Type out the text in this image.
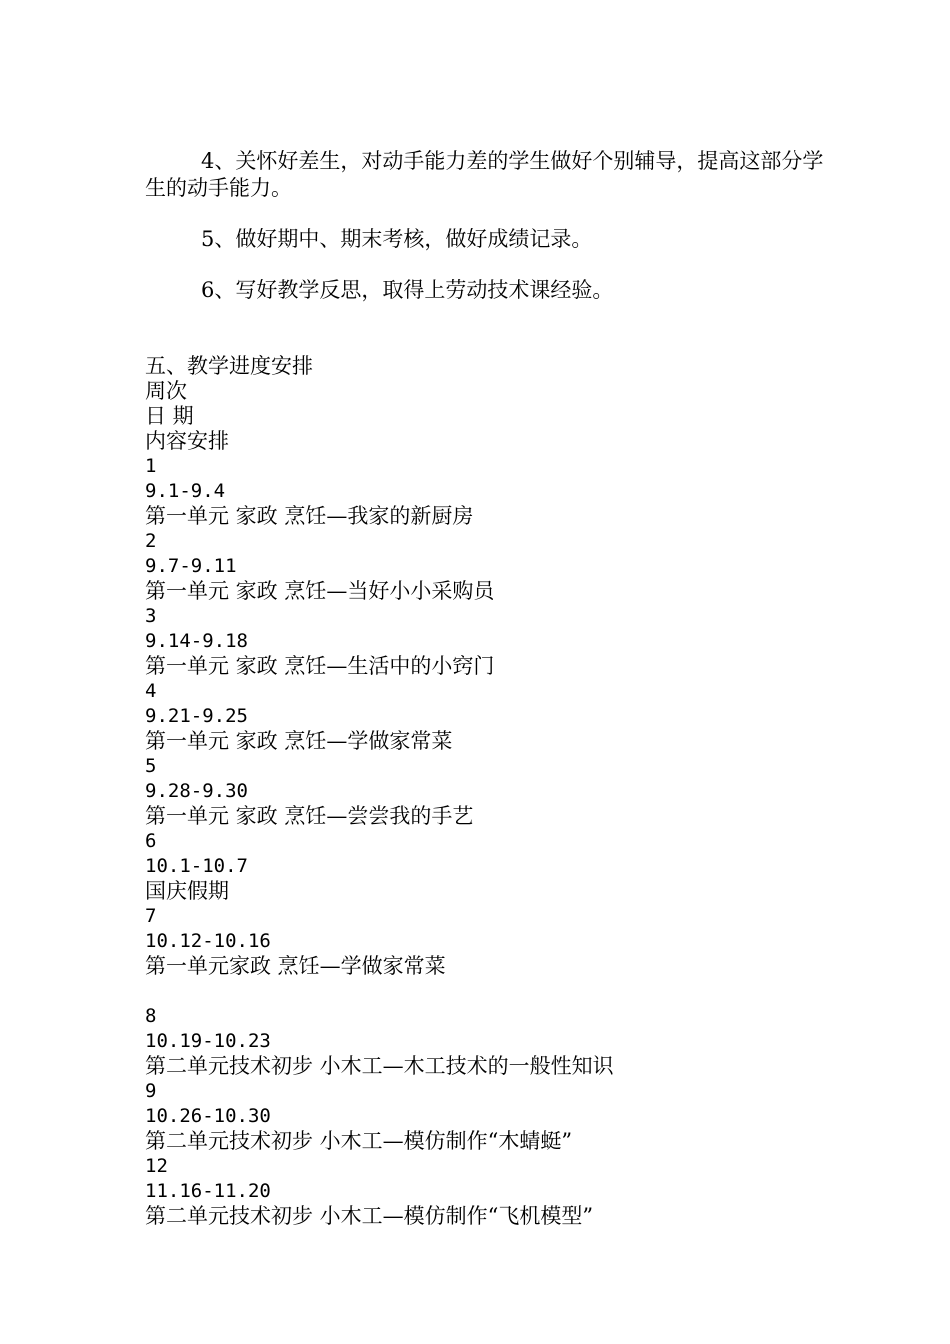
4、关怀好差生，对动手能力差的学生做好个别辅导，提高这部分学生的动手能力。

5、做好期中、期末考核，做好成绩记录。

6、写好教学反思，取得上劳动技术课经验。

五、教学进度安排

周次

日 期

内容安排

1

9.1-9.4

第一单元 家政 烹饪—我家的新厨房

2

9.7-9.11

第一单元 家政 烹饪—当好小小采购员

3

9.14-9.18

第一单元 家政 烹饪—生活中的小窍门

4

9.21-9.25

第一单元 家政 烹饪—学做家常菜

5

9.28-9.30

第一单元 家政 烹饪—尝尝我的手艺

6

10.1-10.7

国庆假期

7

10.12-10.16

第一单元家政 烹饪—学做家常菜

8

10.19-10.23

第二单元技术初步 小木工—木工技术的一般性知识

9

10.26-10.30

第二单元技术初步 小木工—模仿制作“木蜻蜓”

12

11.16-11.20

第二单元技术初步 小木工—模仿制作“飞机模型”
